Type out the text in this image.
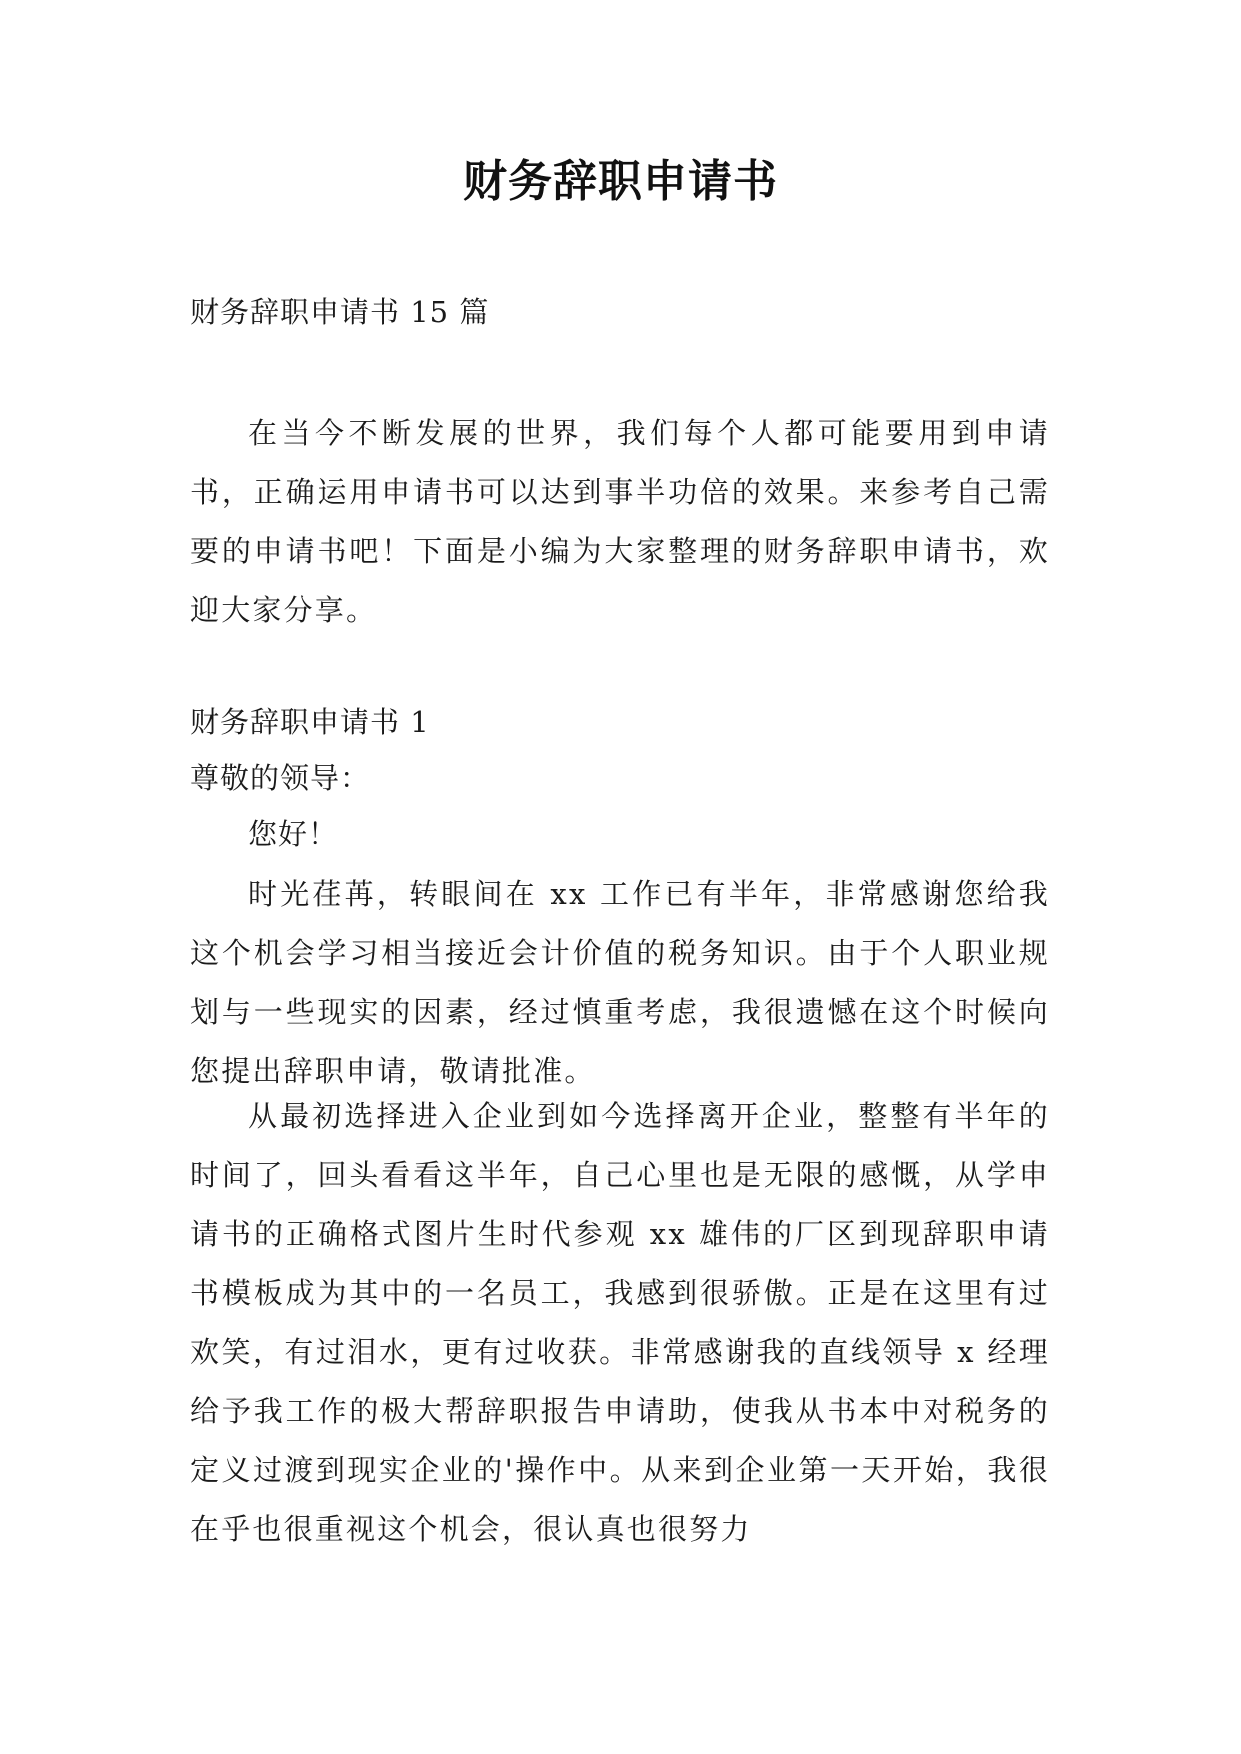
财务辞职申请书
财务辞职申请书 15 篇
在当今不断发展的世界，我们每个人都可能要用到申请书，正确运用申请书可以达到事半功倍的效果。来参考自己需要的申请书吧！下面是小编为大家整理的财务辞职申请书，欢迎大家分享。
财务辞职申请书 1
尊敬的领导：
您好！
时光荏苒，转眼间在 xx 工作已有半年，非常感谢您给我这个机会学习相当接近会计价值的税务知识。由于个人职业规划与一些现实的因素，经过慎重考虑，我很遗憾在这个时候向您提出辞职申请，敬请批准。
从最初选择进入企业到如今选择离开企业，整整有半年的时间了，回头看看这半年，自己心里也是无限的感慨，从学申请书的正确格式图片生时代参观 xx 雄伟的厂区到现辞职申请书模板成为其中的一名员工，我感到很骄傲。正是在这里有过欢笑，有过泪水，更有过收获。非常感谢我的直线领导 x 经理给予我工作的极大帮辞职报告申请助，使我从书本中对税务的定义过渡到现实企业的'操作中。从来到企业第一天开始，我很在乎也很重视这个机会，很认真也很努力
